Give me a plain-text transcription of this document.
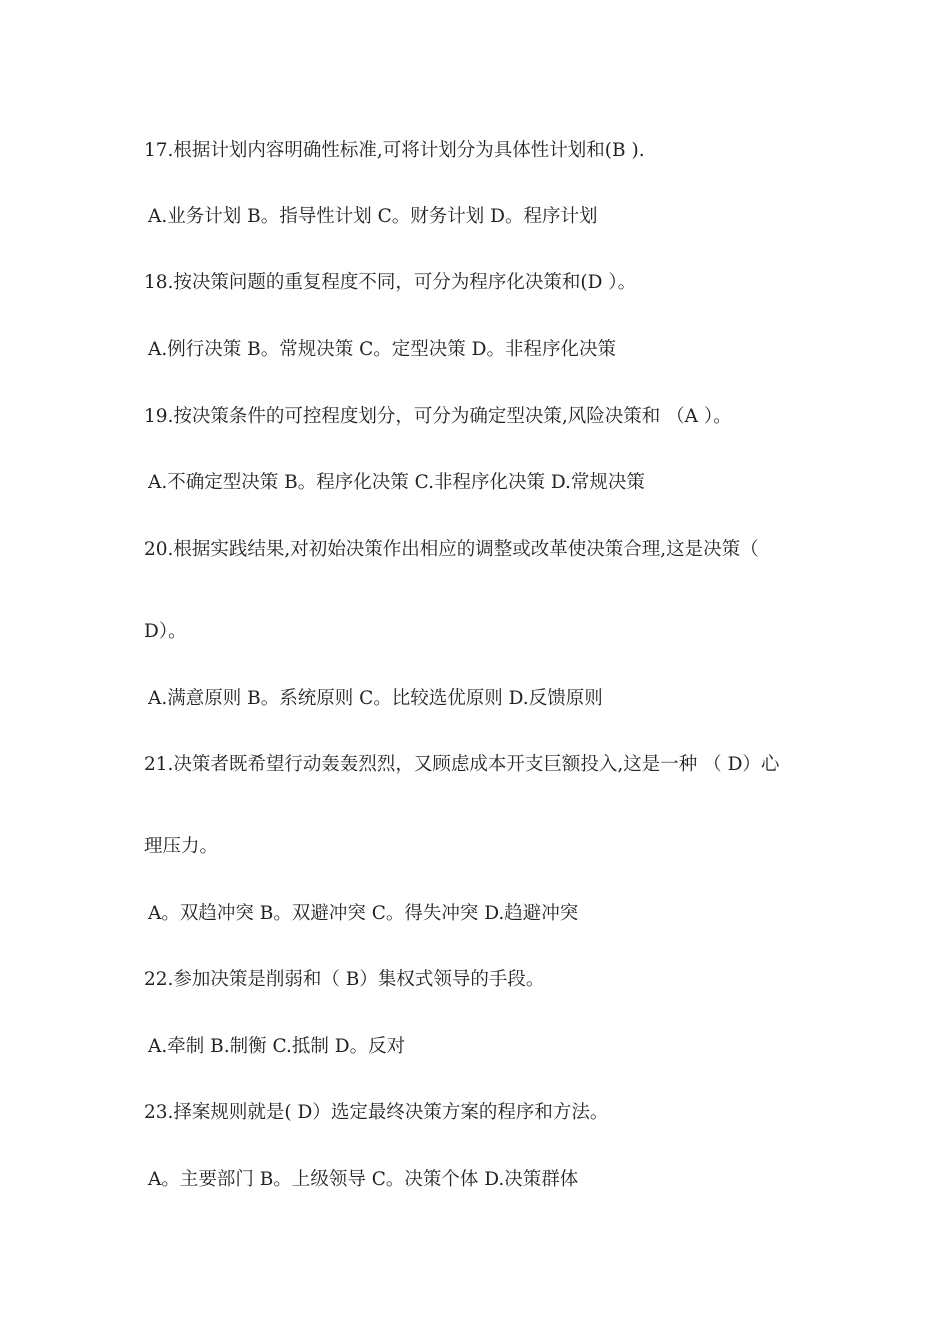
17.根据计划内容明确性标准,可将计划分为具体性计划和(B ).

A.业务计划 B。指导性计划 C。财务计划 D。程序计划

18.按决策问题的重复程度不同，可分为程序化决策和(D ）。

A.例行决策 B。常规决策 C。定型决策 D。非程序化决策

19.按决策条件的可控程度划分，可分为确定型决策,风险决策和 （A ）。

A.不确定型决策 B。程序化决策 C.非程序化决策 D.常规决策

20.根据实践结果,对初始决策作出相应的调整或改革使决策合理,这是决策（

D）。

A.满意原则 B。系统原则 C。比较选优原则 D.反馈原则

21.决策者既希望行动轰轰烈烈，又顾虑成本开支巨额投入,这是一种 （ D）心

理压力。

A。双趋冲突 B。双避冲突 C。得失冲突 D.趋避冲突

22.参加决策是削弱和（ B）集权式领导的手段。

A.牵制 B.制衡 C.抵制 D。反对

23.择案规则就是( D）选定最终决策方案的程序和方法。

A。主要部门 B。上级领导 C。决策个体 D.决策群体
